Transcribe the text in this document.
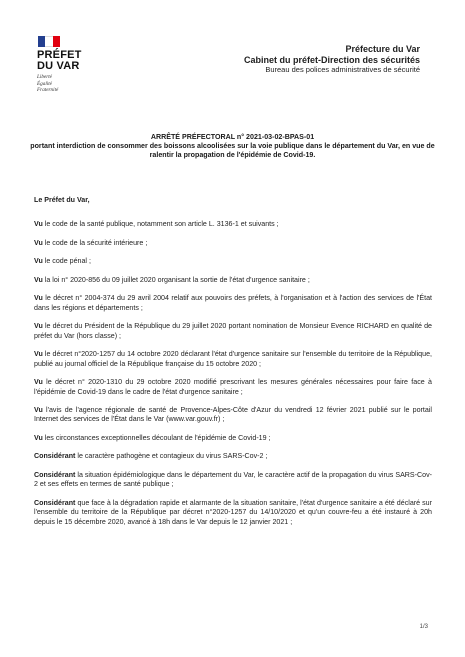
PRÉFET
DU VAR
Liberté
Égalité
Fraternité
Préfecture du Var
Cabinet du préfet-Direction des sécurités
Bureau des polices administratives de sécurité
ARRÊTÉ PRÉFECTORAL n° 2021-03-02-BPAS-01
portant interdiction de consommer des boissons alcoolisées sur la voie publique dans le département du Var, en vue de ralentir la propagation de l'épidémie de Covid-19.

Le Préfet du Var,

Vu le code de la santé publique, notamment son article L. 3136-1 et suivants ;

Vu le code de la sécurité intérieure ;

Vu le code pénal ;

Vu la loi n° 2020-856 du 09 juillet 2020 organisant la sortie de l'état d'urgence sanitaire ;

Vu le décret n° 2004-374 du 29 avril 2004 relatif aux pouvoirs des préfets, à l'organisation et à l'action des services de l'État dans les régions et départements ;

Vu le décret du Président de la République du 29 juillet 2020 portant nomination de Monsieur Evence RICHARD en qualité de préfet du Var (hors classe) ;

Vu le décret n°2020-1257 du 14 octobre 2020 déclarant l'état d'urgence sanitaire sur l'ensemble du territoire de la République, publié au journal officiel de la République française du 15 octobre 2020 ;

Vu le décret n° 2020-1310 du 29 octobre 2020 modifié prescrivant les mesures générales nécessaires pour faire face à l'épidémie de Covid-19 dans le cadre de l'état d'urgence sanitaire ;

Vu l'avis de l'agence régionale de santé de Provence-Alpes-Côte d'Azur du vendredi 12 février 2021 publié sur le portail Internet des services de l'État dans le Var (www.var.gouv.fr) ;

Vu les circonstances exceptionnelles découlant de l'épidémie de Covid-19 ;

Considérant le caractère pathogène et contagieux du virus SARS-Cov-2 ;

Considérant la situation épidémiologique dans le département du Var, le caractère actif de la propagation du virus SARS-Cov-2 et ses effets en termes de santé publique ;

Considérant que face à la dégradation rapide et alarmante de la situation sanitaire, l'état d'urgence sanitaire a été déclaré sur l'ensemble du territoire de la République par décret n°2020-1257 du 14/10/2020 et qu'un couvre-feu a été instauré à 20h depuis le 15 décembre 2020, avancé à 18h dans le Var depuis le 12 janvier 2021 ;

1/3
